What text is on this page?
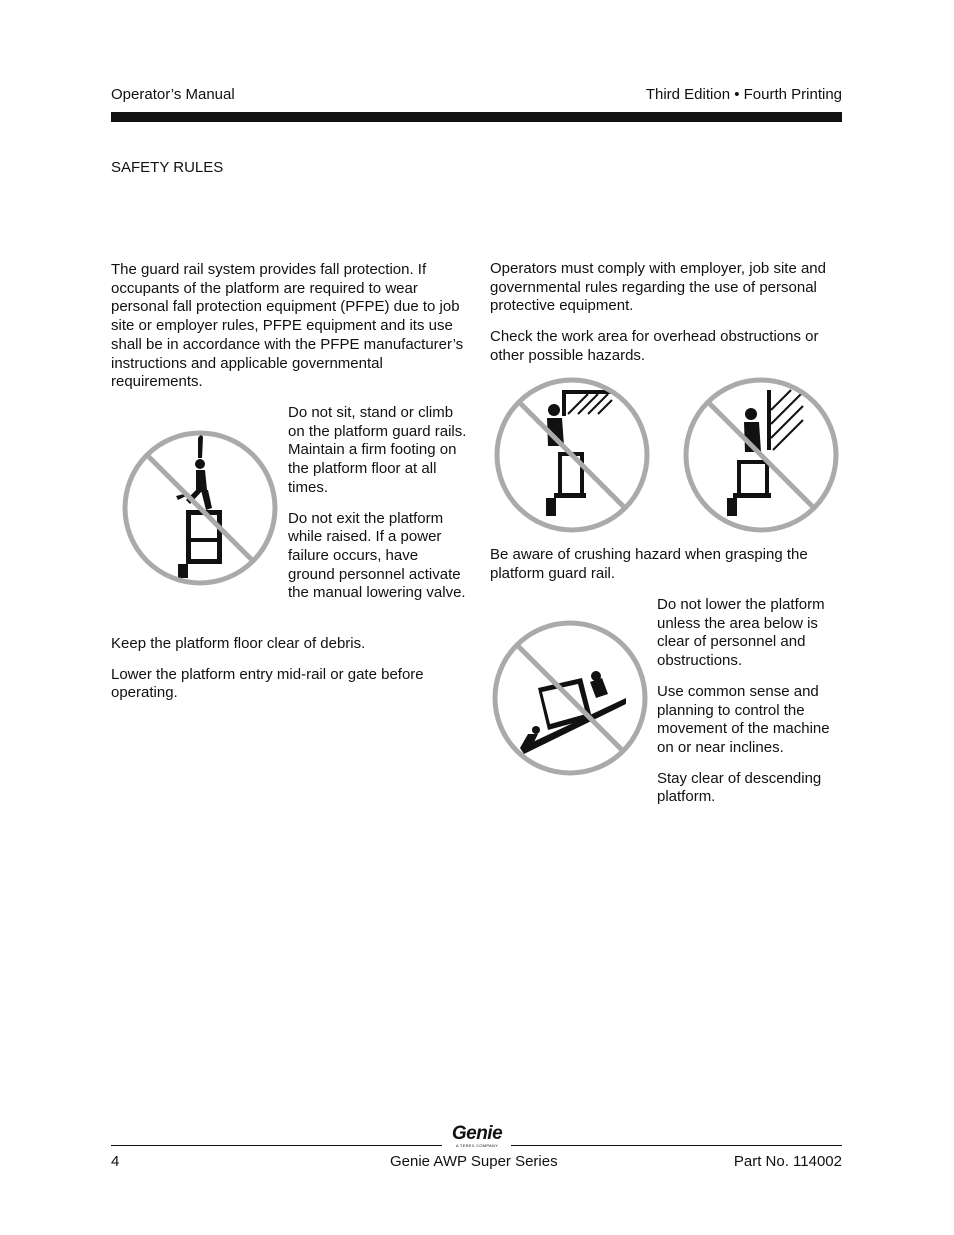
Operator’s Manual	Third Edition • Fourth Printing
SAFETY RULES

The guard rail system provides fall protection. If occupants of the platform are required to wear personal fall protection equipment (PFPE) due to job site or employer rules, PFPE equipment and its use shall be in accordance with the PFPE manufacturer’s instructions and applicable governmental requirements.

Do not sit, stand or climb on the platform guard rails. Maintain a firm footing on the platform floor at all times.

Do not exit the platform while raised. If a power failure occurs, have ground personnel activate the manual lowering valve.

Keep the platform floor clear of debris.

Lower the platform entry mid-rail or gate before operating.

Operators must comply with employer, job site and governmental rules regarding the use of personal protective equipment.

Check the work area for overhead obstructions or other possible hazards.

Be aware of crushing hazard when grasping the platform guard rail.

Do not lower the platform unless the area below is clear of personnel and obstructions.

Use common sense and planning to control the movement of the machine on or near inclines.

Stay clear of descending platform.

Genie
A TEREX COMPANY
4	Genie AWP Super Series	Part No. 114002
